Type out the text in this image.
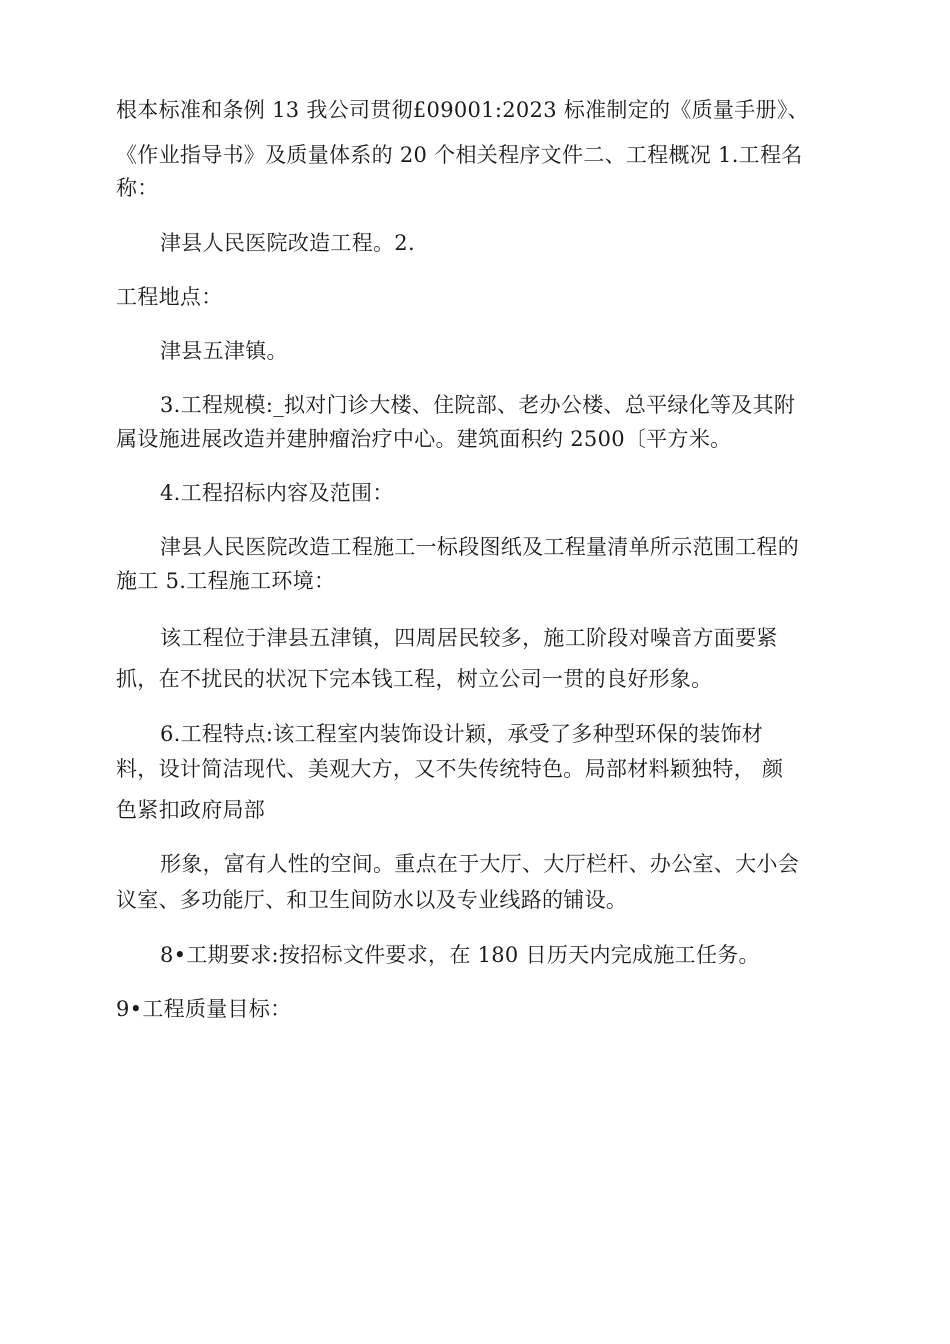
根本标准和条例 13 我公司贯彻£09001:2023 标准制定的《质量手册》、
《作业指导书》及质量体系的 20 个相关程序文件二、工程概况 1.工程名
称：
津县人民医院改造工程。2.
工程地点：
津县五津镇。
3.工程规模:_拟对门诊大楼、住院部、老办公楼、总平绿化等及其附
属设施进展改造并建肿瘤治疗中心。建筑面积约 2500〔平方米。
4.工程招标内容及范围：
津县人民医院改造工程施工一标段图纸及工程量清单所示范围工程的
施工 5.工程施工环境：
该工程位于津县五津镇，四周居民较多，施工阶段对噪音方面要紧
抓，在不扰民的状况下完本钱工程，树立公司一贯的良好形象。
6.工程特点:该工程室内装饰设计颖，承受了多种型环保的装饰材
料，设计简洁现代、美观大方，又不失传统特色。局部材料颖独特， 颜
色紧扣政府局部
形象，富有人性的空间。重点在于大厅、大厅栏杆、办公室、大小会
议室、多功能厅、和卫生间防水以及专业线路的铺设。
8•工期要求:按招标文件要求，在 180 日历天内完成施工任务。
9•工程质量目标：
